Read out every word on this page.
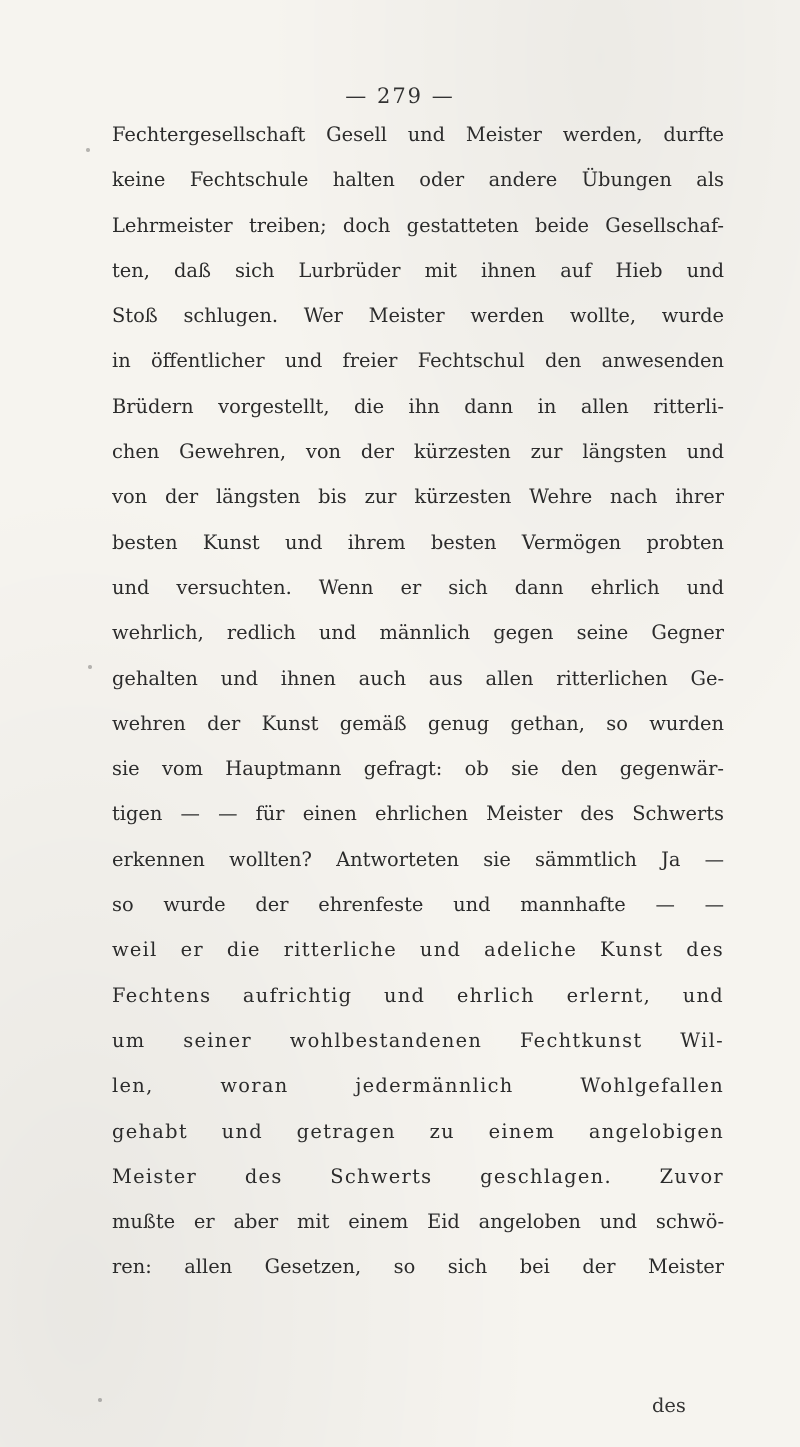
— 279 —
Fechtergesellschaft Gesell und Meister werden, durfte
keine Fechtschule halten oder andere Übungen als
Lehrmeister treiben; doch gestatteten beide Gesellschaf-
ten, daß sich Lurbrüder mit ihnen auf Hieb und
Stoß schlugen. Wer Meister werden wollte, wurde
in öffentlicher und freier Fechtschul den anwesenden
Brüdern vorgestellt, die ihn dann in allen ritterli-
chen Gewehren, von der kürzesten zur längsten und
von der längsten bis zur kürzesten Wehre nach ihrer
besten Kunst und ihrem besten Vermögen probten
und versuchten. Wenn er sich dann ehrlich und
wehrlich, redlich und männlich gegen seine Gegner
gehalten und ihnen auch aus allen ritterlichen Ge-
wehren der Kunst gemäß genug gethan, so wurden
sie vom Hauptmann gefragt: ob sie den gegenwär-
tigen — — für einen ehrlichen Meister des Schwerts
erkennen wollten? Antworteten sie sämmtlich Ja —
so wurde der ehrenfeste und mannhafte — —
weil er die ritterliche und adeliche Kunst des
Fechtens aufrichtig und ehrlich erlernt, und
um seiner wohlbestandenen Fechtkunst Wil-
len, woran jedermännlich Wohlgefallen
gehabt und getragen zu einem angelobigen
Meister des Schwerts geschlagen. Zuvor
mußte er aber mit einem Eid angeloben und schwö-
ren: allen Gesetzen, so sich bei der Meister
des
